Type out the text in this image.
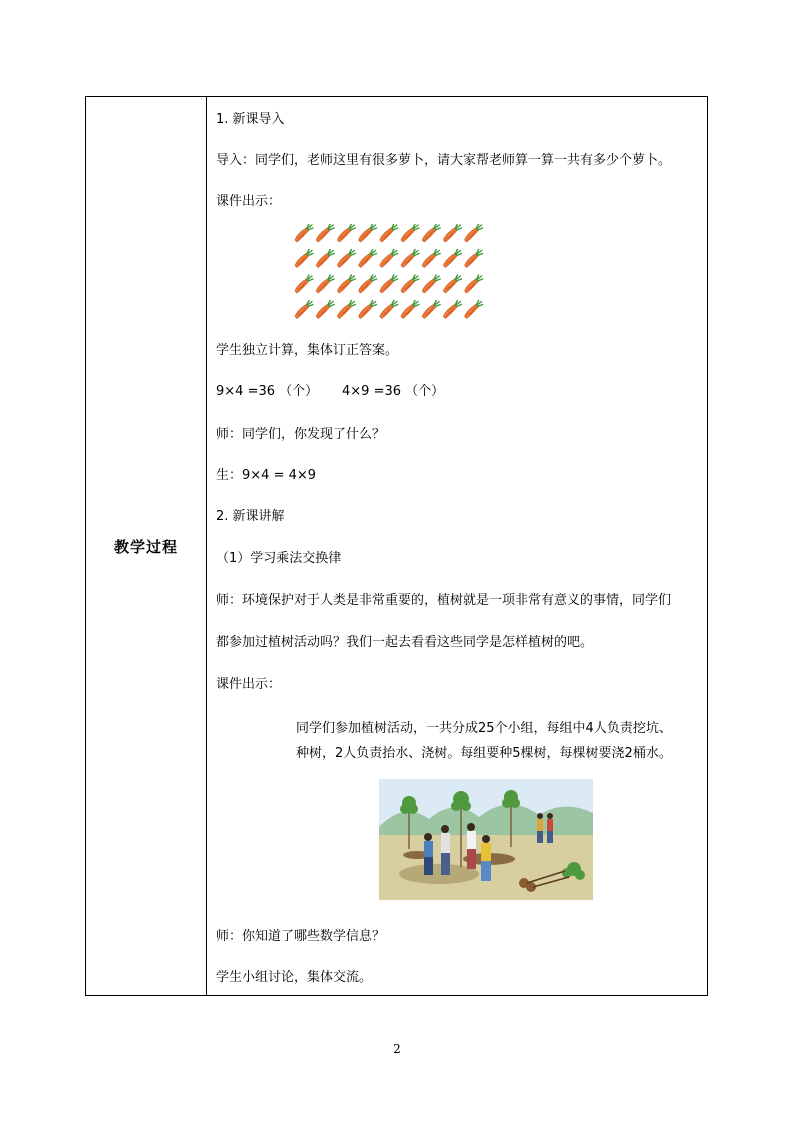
教学过程
1. 新课导入
导入：同学们，老师这里有很多萝卜，请大家帮老师算一算一共有多少个萝卜。
课件出示：
学生独立计算，集体订正答案。
9×4 =36 （个） 4×9 =36 （个）
师：同学们，你发现了什么？
生：9×4 = 4×9
2. 新课讲解
（1）学习乘法交换律
师：环境保护对于人类是非常重要的，植树就是一项非常有意义的事情，同学们
都参加过植树活动吗？我们一起去看看这些同学是怎样植树的吧。
课件出示：
同学们参加植树活动，一共分成25个小组，每组中4人负责挖坑、
种树，2人负责抬水、浇树。每组要种5棵树，每棵树要浇2桶水。
师：你知道了哪些数学信息？
学生小组讨论，集体交流。
2
